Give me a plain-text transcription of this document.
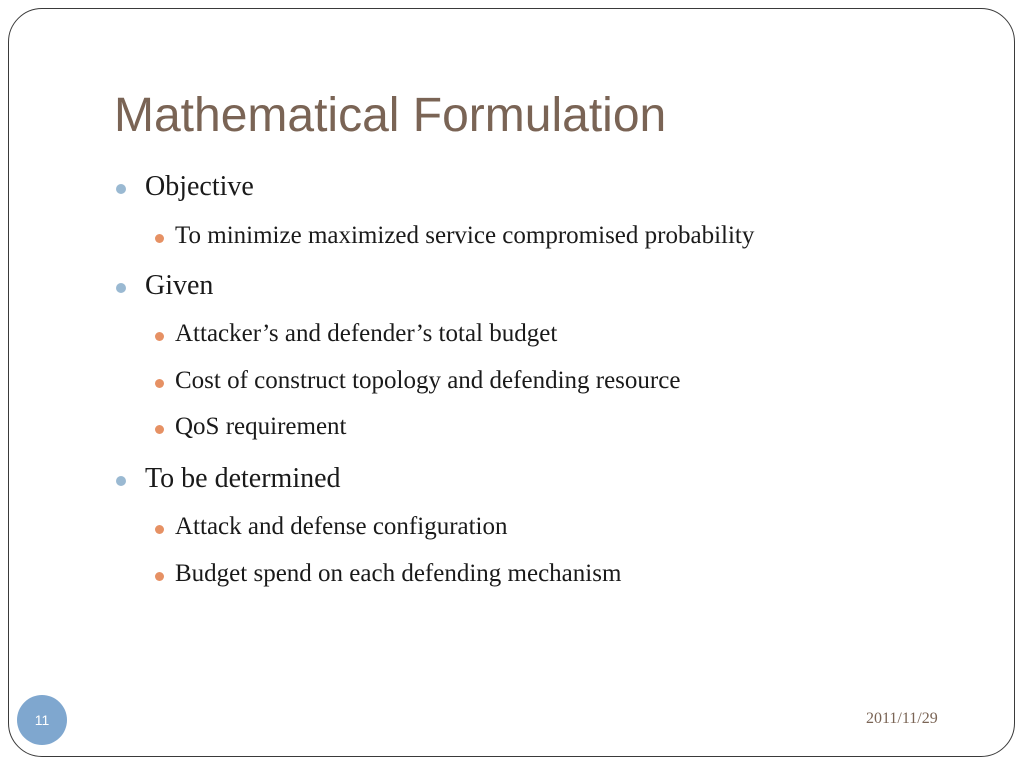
Mathematical Formulation
Objective
To minimize maximized service compromised probability
Given
Attacker’s and defender’s total budget
Cost of construct topology and defending resource
QoS requirement
To be determined
Attack and defense configuration
Budget spend on each defending mechanism
11	2011/11/29
